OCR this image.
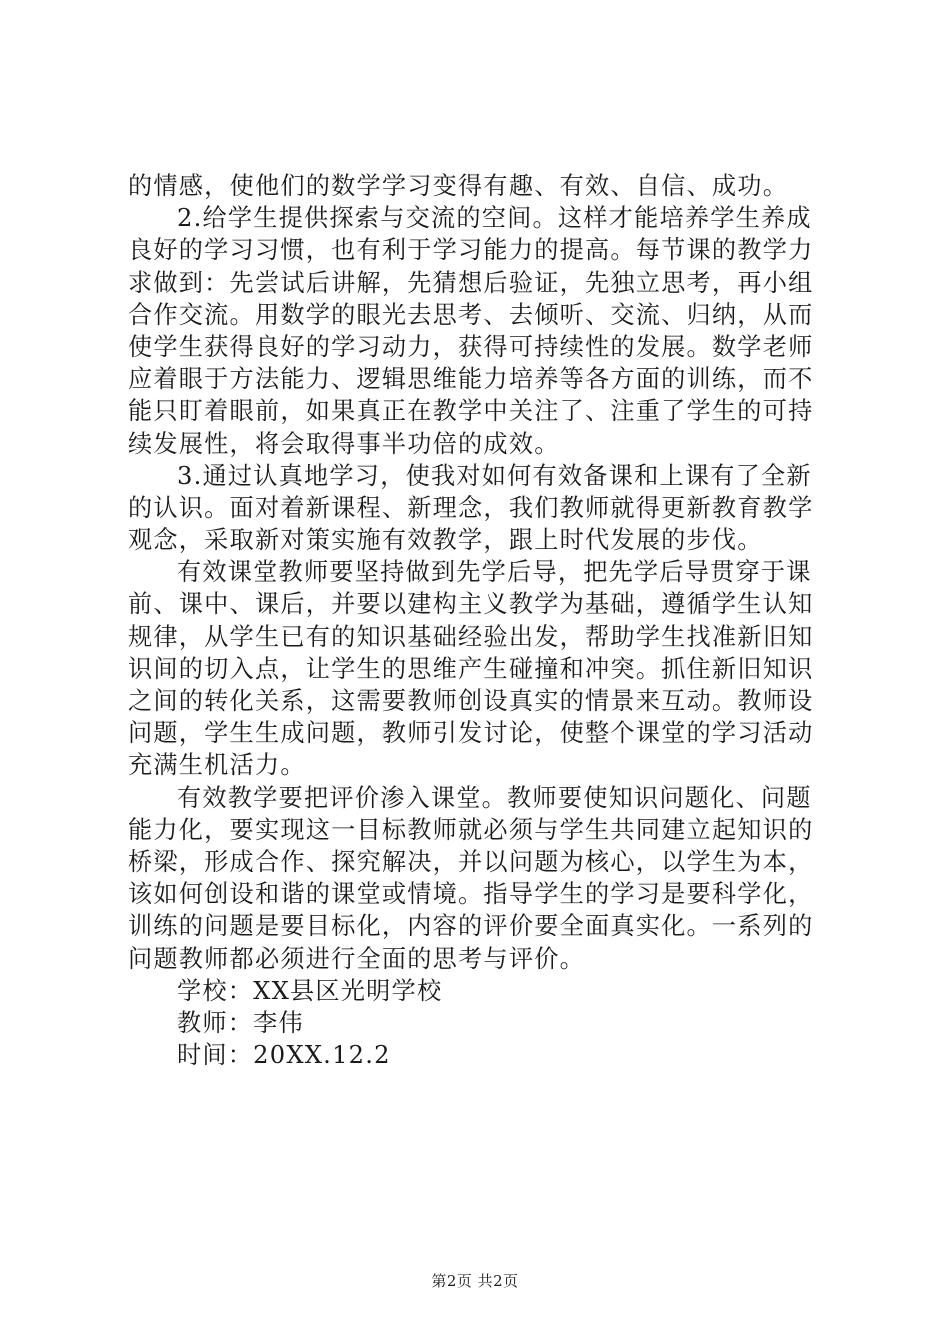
的情感，使他们的数学学习变得有趣、有效、自信、成功。
2.给学生提供探索与交流的空间。这样才能培养学生养成
良好的学习习惯，也有利于学习能力的提高。每节课的教学力
求做到：先尝试后讲解，先猜想后验证，先独立思考，再小组
合作交流。用数学的眼光去思考、去倾听、交流、归纳，从而
使学生获得良好的学习动力，获得可持续性的发展。数学老师
应着眼于方法能力、逻辑思维能力培养等各方面的训练，而不
能只盯着眼前，如果真正在教学中关注了、注重了学生的可持
续发展性，将会取得事半功倍的成效。
3.通过认真地学习，使我对如何有效备课和上课有了全新
的认识。面对着新课程、新理念，我们教师就得更新教育教学
观念，采取新对策实施有效教学，跟上时代发展的步伐。
有效课堂教师要坚持做到先学后导，把先学后导贯穿于课
前、课中、课后，并要以建构主义教学为基础，遵循学生认知
规律，从学生已有的知识基础经验出发，帮助学生找准新旧知
识间的切入点，让学生的思维产生碰撞和冲突。抓住新旧知识
之间的转化关系，这需要教师创设真实的情景来互动。教师设
问题，学生生成问题，教师引发讨论，使整个课堂的学习活动
充满生机活力。
有效教学要把评价渗入课堂。教师要使知识问题化、问题
能力化，要实现这一目标教师就必须与学生共同建立起知识的
桥梁，形成合作、探究解决，并以问题为核心，以学生为本，
该如何创设和谐的课堂或情境。指导学生的学习是要科学化，
训练的问题是要目标化，内容的评价要全面真实化。一系列的
问题教师都必须进行全面的思考与评价。
学校：XX县区光明学校
教师：李伟
时间：20XX.12.2
第2页 共2页
